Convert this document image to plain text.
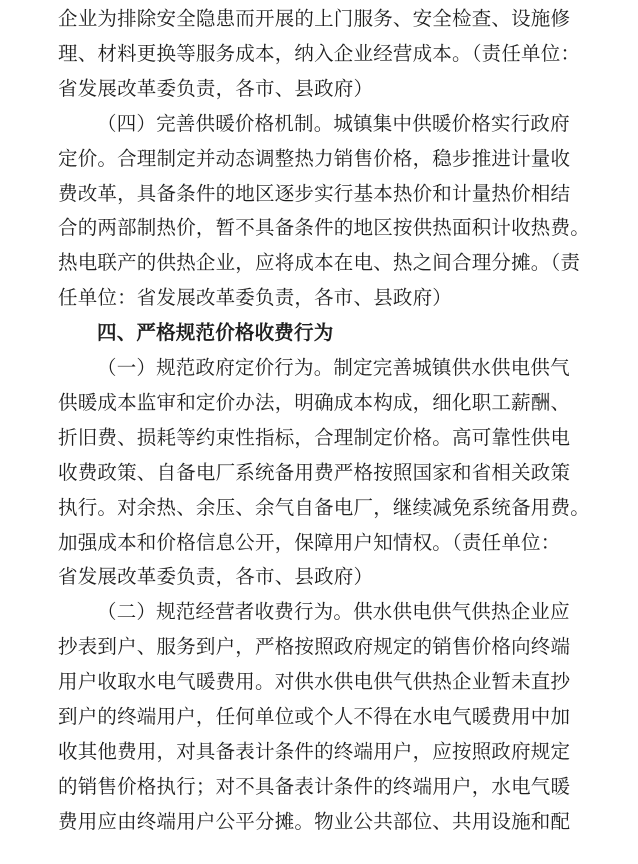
企业为排除安全隐患而开展的上门服务、安全检查、设施修
理、材料更换等服务成本，纳入企业经营成本。（责任单位：
省发展改革委负责，各市、县政府）
（四）完善供暖价格机制。城镇集中供暖价格实行政府
定价。合理制定并动态调整热力销售价格，稳步推进计量收
费改革，具备条件的地区逐步实行基本热价和计量热价相结
合的两部制热价，暂不具备条件的地区按供热面积计收热费。
热电联产的供热企业，应将成本在电、热之间合理分摊。（责
任单位：省发展改革委负责，各市、县政府）
四、严格规范价格收费行为
（一）规范政府定价行为。制定完善城镇供水供电供气
供暖成本监审和定价办法，明确成本构成，细化职工薪酬、
折旧费、损耗等约束性指标，合理制定价格。高可靠性供电
收费政策、自备电厂系统备用费严格按照国家和省相关政策
执行。对余热、余压、余气自备电厂，继续减免系统备用费。
加强成本和价格信息公开，保障用户知情权。（责任单位：
省发展改革委负责，各市、县政府）
（二）规范经营者收费行为。供水供电供气供热企业应
抄表到户、服务到户，严格按照政府规定的销售价格向终端
用户收取水电气暖费用。对供水供电供气供热企业暂未直抄
到户的终端用户，任何单位或个人不得在水电气暖费用中加
收其他费用，对具备表计条件的终端用户，应按照政府规定
的销售价格执行；对不具备表计条件的终端用户，水电气暖
费用应由终端用户公平分摊。物业公共部位、共用设施和配
